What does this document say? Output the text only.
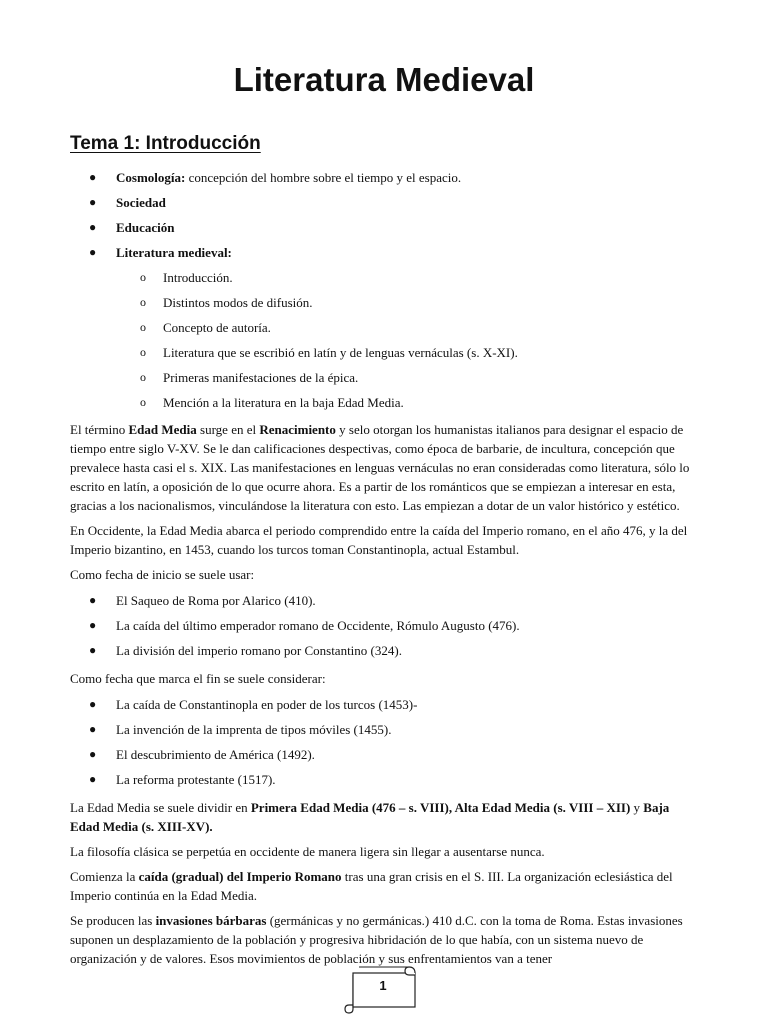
Literatura Medieval
Tema 1: Introducción
● Cosmología: concepción del hombre sobre el tiempo y el espacio.
● Sociedad
● Educación
● Literatura medieval:
o Introducción.
o Distintos modos de difusión.
o Concepto de autoría.
o Literatura que se escribió en latín y de lenguas vernáculas (s. X-XI).
o Primeras manifestaciones de la épica.
o Mención a la literatura en la baja Edad Media.

El término Edad Media surge en el Renacimiento y selo otorgan los humanistas italianos para designar el espacio de tiempo entre siglo V-XV. Se le dan calificaciones despectivas, como época de barbarie, de incultura, concepción que prevalece hasta casi el s. XIX. Las manifestaciones en lenguas vernáculas no eran consideradas como literatura, sólo lo escrito en latín, a oposición de lo que ocurre ahora. Es a partir de los románticos que se empiezan a interesar en esta, gracias a los nacionalismos, vinculándose la literatura con esto. Las empiezan a dotar de un valor histórico y estético.

En Occidente, la Edad Media abarca el periodo comprendido entre la caída del Imperio romano, en el año 476, y la del Imperio bizantino, en 1453, cuando los turcos toman Constantinopla, actual Estambul.

Como fecha de inicio se suele usar:

● El Saqueo de Roma por Alarico (410).
● La caída del último emperador romano de Occidente, Rómulo Augusto (476).
● La división del imperio romano por Constantino (324).

Como fecha que marca el fin se suele considerar:

● La caída de Constantinopla en poder de los turcos (1453)-
● La invención de la imprenta de tipos móviles (1455).
● El descubrimiento de América (1492).
● La reforma protestante (1517).

La Edad Media se suele dividir en Primera Edad Media (476 – s. VIII), Alta Edad Media (s. VIII – XII) y Baja Edad Media (s. XIII-XV).

La filosofía clásica se perpetúa en occidente de manera ligera sin llegar a ausentarse nunca.

Comienza la caída (gradual) del Imperio Romano tras una gran crisis en el S. III. La organización eclesiástica del Imperio continúa en la Edad Media.

Se producen las invasiones bárbaras (germánicas y no germánicas.) 410 d.C. con la toma de Roma. Estas invasiones suponen un desplazamiento de la población y progresiva hibridación de lo que había, con un sistema nuevo de organización y de valores. Esos movimientos de población y sus enfrentamientos van a tener

1
